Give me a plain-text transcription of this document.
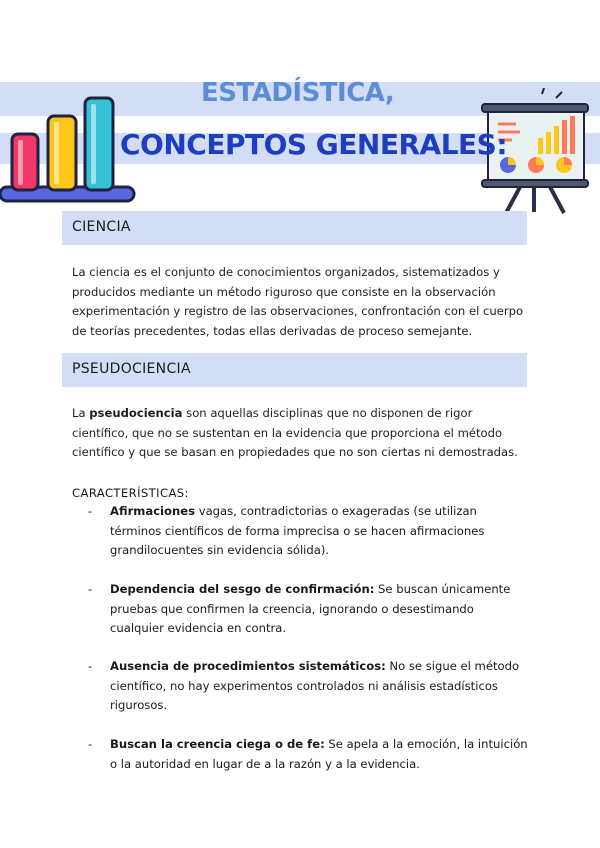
ESTADÍSTICA,
CONCEPTOS GENERALES:
CIENCIA
La ciencia es el conjunto de conocimientos organizados, sistematizados y producidos mediante un método riguroso que consiste en la observación experimentación y registro de las observaciones, confrontación con el cuerpo de teorías precedentes, todas ellas derivadas de proceso semejante.
PSEUDOCIENCIA
La pseudociencia son aquellas disciplinas que no disponen de rigor científico, que no se sustentan en la evidencia que proporciona el método científico y que se basan en propiedades que no son ciertas ni demostradas.
CARACTERÍSTICAS:
- Afirmaciones vagas, contradictorias o exageradas (se utilizan términos científicos de forma imprecisa o se hacen afirmaciones grandilocuentes sin evidencia sólida).
- Dependencia del sesgo de confirmación: Se buscan únicamente pruebas que confirmen la creencia, ignorando o desestimando cualquier evidencia en contra.
- Ausencia de procedimientos sistemáticos: No se sigue el método científico, no hay experimentos controlados ni análisis estadísticos rigurosos.
- Buscan la creencia ciega o de fe: Se apela a la emoción, la intuición o la autoridad en lugar de a la razón y a la evidencia.
